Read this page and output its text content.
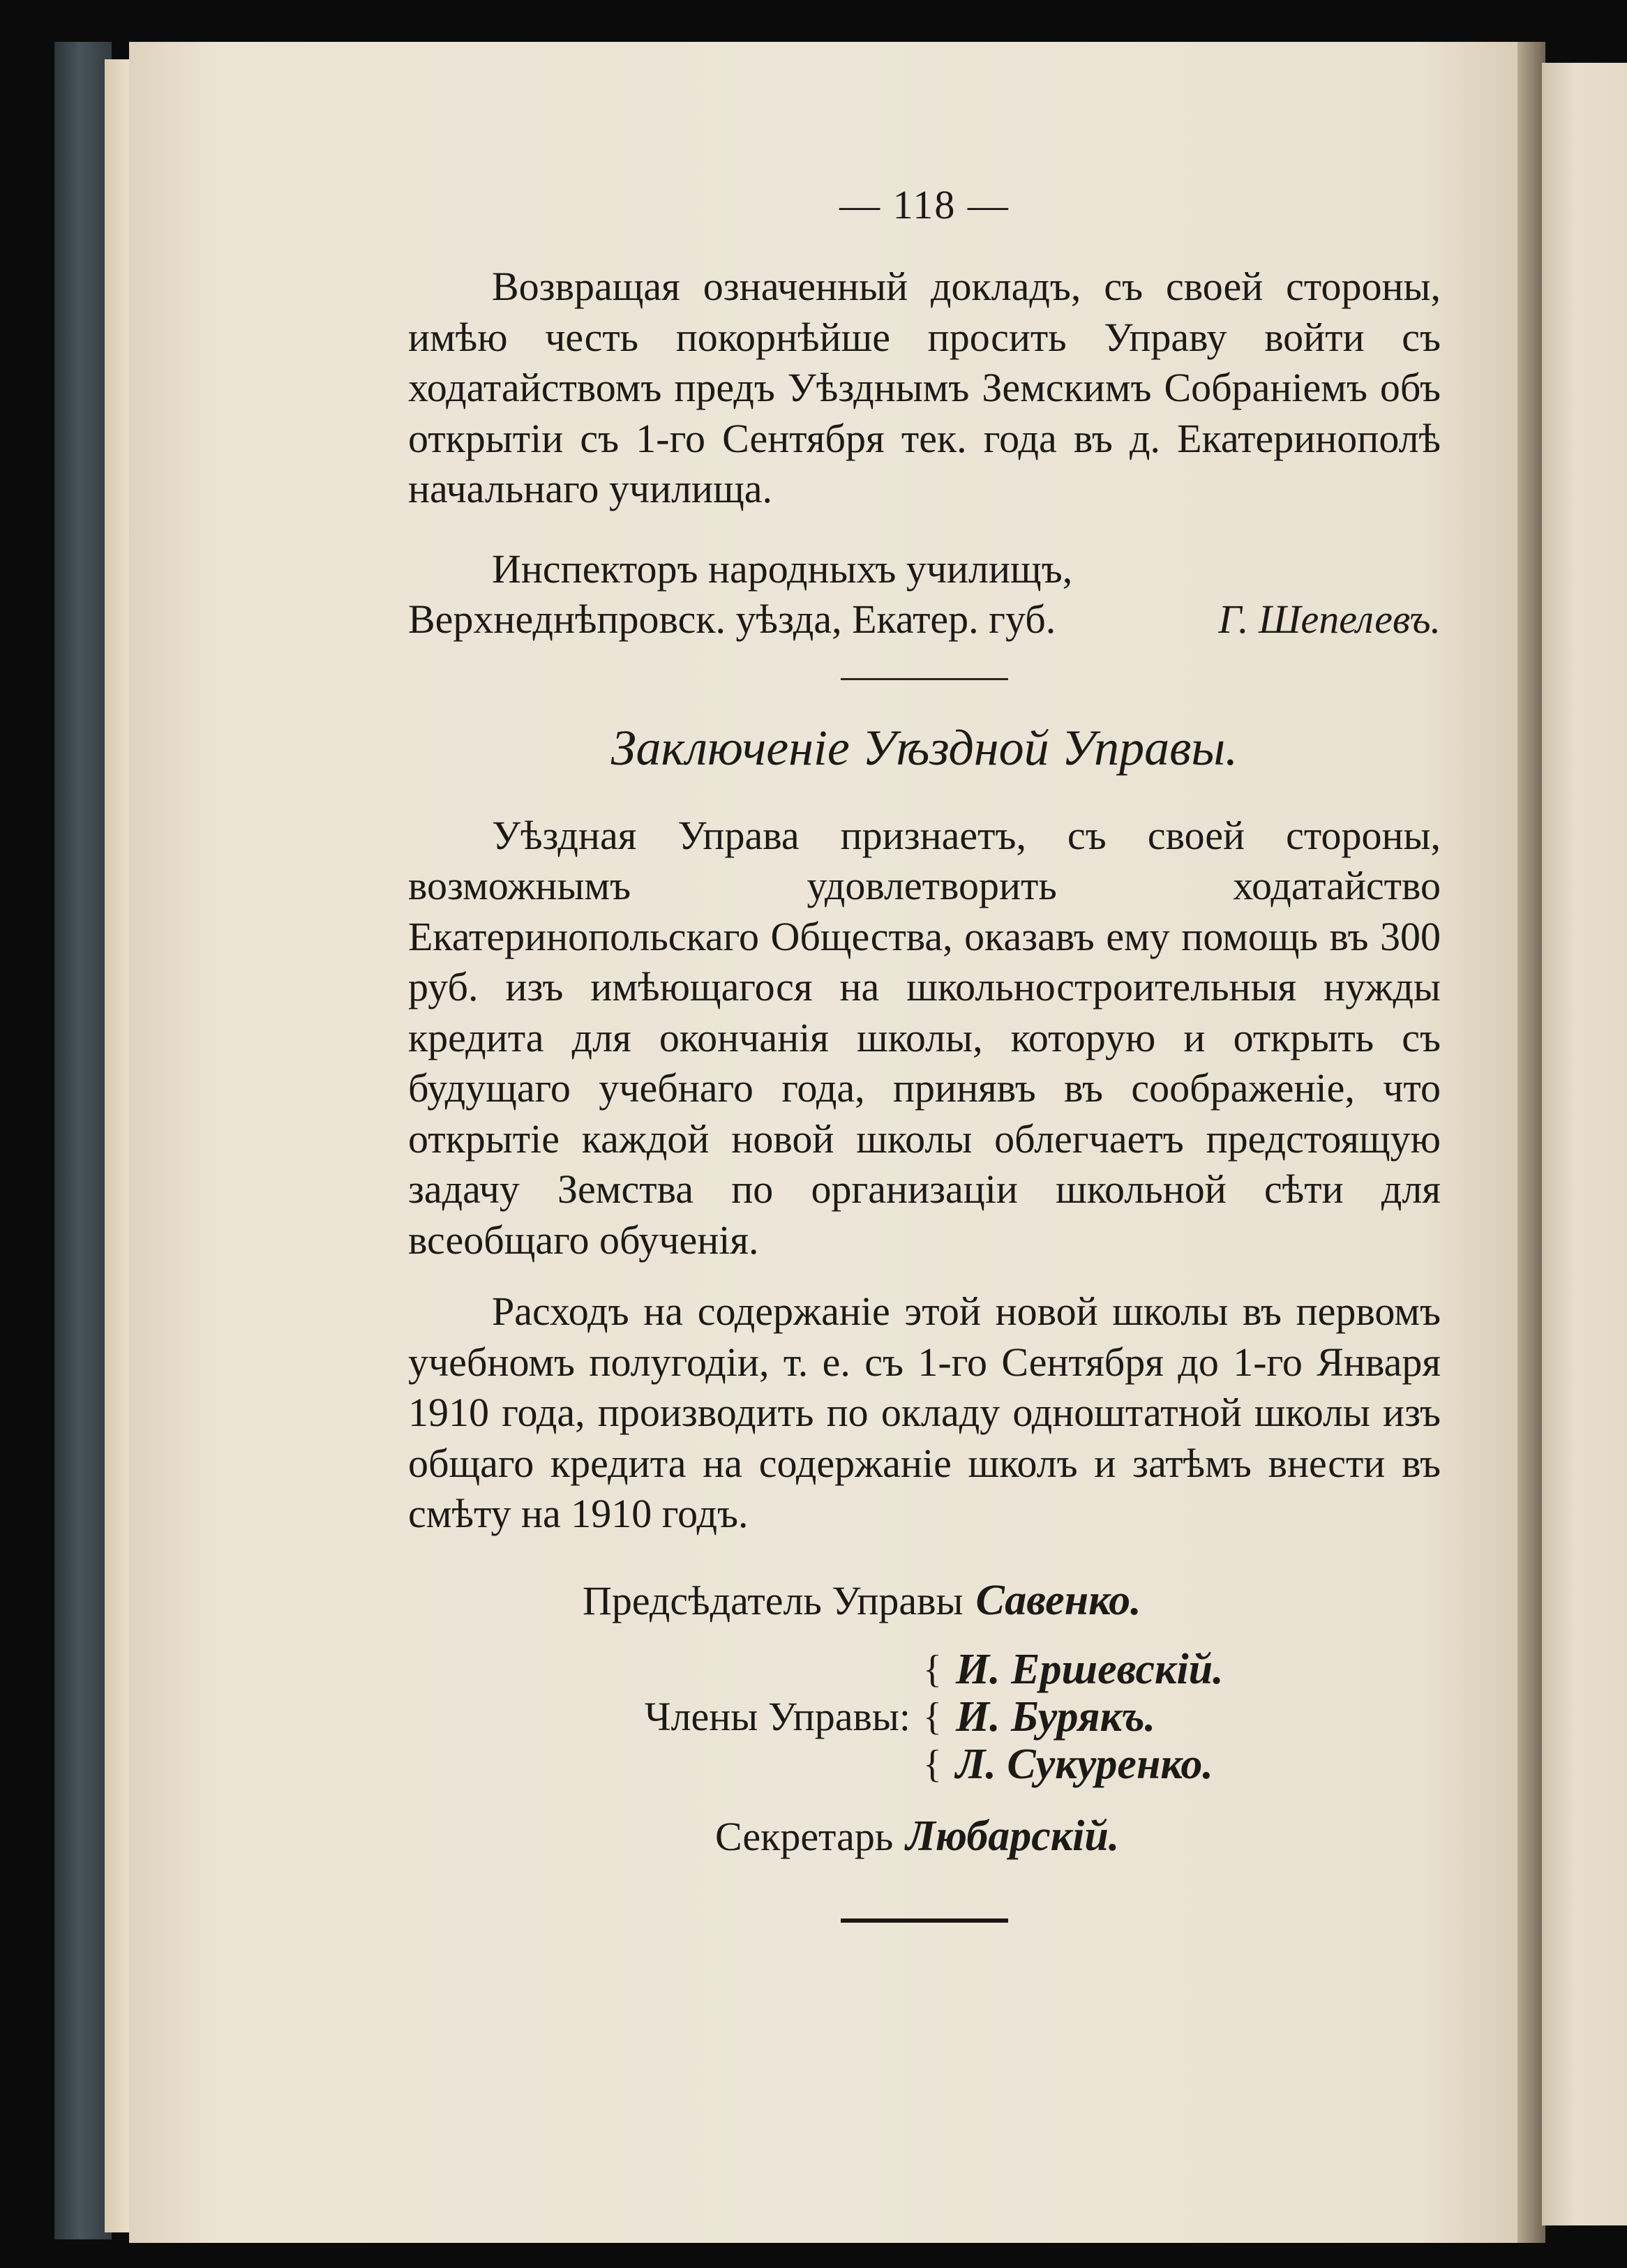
— 118 —

Возвращая означенный докладъ, съ своей стороны, имѣю честь покорнѣйше просить Управу войти съ ходатайствомъ предъ Уѣзднымъ Земскимъ Собраніемъ объ открытіи съ 1-го Сентября тек. года въ д. Екатеринополѣ начальнаго училища.

Инспекторъ народныхъ училищъ,
Верхнеднѣпровск. уѣзда, Екатер. губ.	Г. Шепелевъ.
Заключеніе Уѣздной Управы.

Уѣздная Управа признаетъ, съ своей стороны, возможнымъ удовлетворить ходатайство Екатеринопольскаго Общества, оказавъ ему помощь въ 300 руб. изъ имѣющагося на школьностроительныя нужды кредита для окончанія школы, которую и открыть съ будущаго учебнаго года, принявъ въ соображеніе, что открытіе каждой новой школы облегчаетъ предстоящую задачу Земства по организаціи школьной сѣти для всеобщаго обученія.

Расходъ на содержаніе этой новой школы въ первомъ учебномъ полугодіи, т. е. съ 1-го Сентября до 1-го Января 1910 года, производить по окладу одноштатной школы изъ общаго кредита на содержаніе школъ и затѣмъ внести въ смѣту на 1910 годъ.

Предсѣдатель Управы Савенко.
Члены Управы:
{
{
{
И. Ершевскій.
И. Бурякъ.
Л. Сукуренко.
Секретарь Любарскій.
